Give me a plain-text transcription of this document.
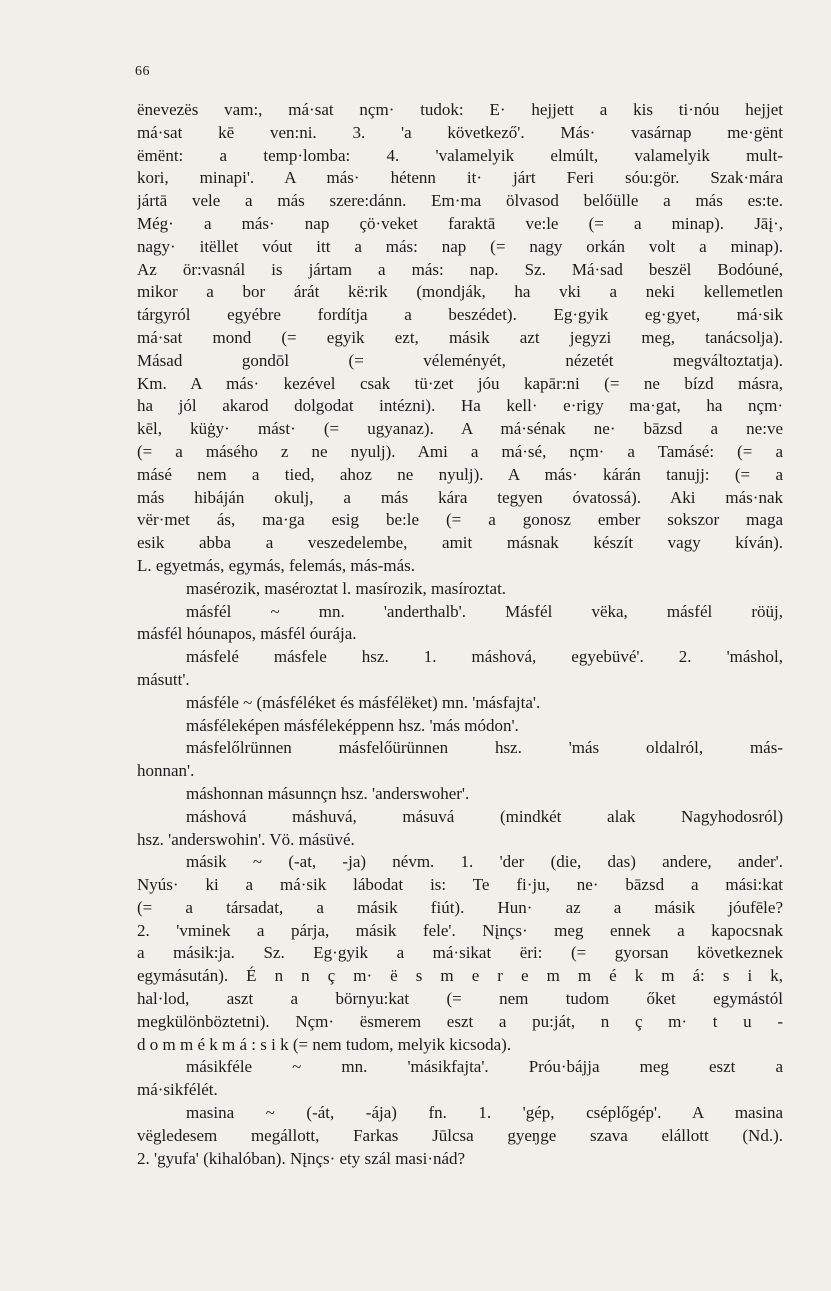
66
ënevezës vam:, má·sat nçm· tudok: E· hejjett a kis ti·nóu hejjet
má·sat kē ven:ni. 3. 'a következő'. Más· vasárnap me·gënt
ëmënt: a temp·lomba: 4. 'valamelyik elmúlt, valamelyik mult-
kori, minapi'. A más· hétenn it· járt Feri sóu:gör. Szak·mára
jártā vele a más szere:dánn. Em·ma ölvasod belőülle a más es:te.
Még· a más· nap çö·veket faraktā ve:le (= a minap). Jāį·,
nagy· itëllet vóut itt a más: nap (= nagy orkán volt a minap).
Az ör:vasnál is jártam a más: nap. Sz. Má·sad beszël Bodóuné,
mikor a bor árát kë:rik (mondják, ha vki a neki kellemetlen
tárgyról egyébre fordítja a beszédet). Eg·gyik eg·gyet, má·sik
má·sat mond (= egyik ezt, másik azt jegyzi meg, tanácsolja).
Másad gondōl (= véleményét, nézetét megváltoztatja).
Km. A más· kezével csak tü·zet jóu kapār:ni (= ne bízd másra,
ha jól akarod dolgodat intézni). Ha kell· e·rigy ma·gat, ha nçm·
kēl, küġy· mást· (= ugyanaz). A má·sénak ne· bāzsd a ne:ve
(= a másého z ne nyulj). Ami a má·sé, nçm· a Tamásé: (= a
másé nem a tied, ahoz ne nyulj). A más· kárán tanujj: (= a
más hibáján okulj, a más kára tegyen óvatossá). Aki más·nak
vër·met ás, ma·ga esig be:le (= a gonosz ember sokszor maga
esik abba a veszedelembe, amit másnak készít vagy kíván).
L. egyetmás, egymás, felemás, más-más.
masérozik, maséroztat l. masírozik, masíroztat.
másfél ~ mn. 'anderthalb'. Másfél vëka, másfél röüj,
másfél hóunapos, másfél óurája.
másfelé másfele hsz. 1. máshová, egyebüvé'. 2. 'máshol,
másutt'.
másféle ~ (másféléket és másfélëket) mn. 'másfajta'.
másféleképen másféleképpenn hsz. 'más módon'.
másfelőlrünnen másfelőürünnen hsz. 'más oldalról, más-
honnan'.
máshonnan másunnçn hsz. 'anderswoher'.
máshová máshuvá, másuvá (mindkét alak Nagyhodosról)
hsz. 'anderswohin'. Vö. másüvé.
másik ~ (-at, -ja) névm. 1. 'der (die, das) andere, ander'.
Nyús· ki a má·sik lábodat is: Te fi·ju, ne· bāzsd a mási:kat
(= a társadat, a másik fiút). Hun· az a másik jóufēle?
2. 'vminek a párja, másik fele'. Nįnçs· meg ennek a kapocsnak
a másik:ja. Sz. Eg·gyik a má·sikat ëri: (= gyorsan következnek
egymásután). É n n ç m· ë s m e r e m m é k m á: s i k,
hal·lod, aszt a börnyu:kat (= nem tudom őket egymástól
megkülönböztetni). Nçm· ësmerem eszt a pu:ját, n ç m· t u -
d o m m é k m á : s i k (= nem tudom, melyik kicsoda).
másikféle ~ mn. 'másikfajta'. Próu·bájja meg eszt a
má·sikfélét.
masina ~ (-át, -ája) fn. 1. 'gép, cséplőgép'. A masina
vëgledesem megállott, Farkas Jūlcsa gyeŋge szava elállott (Nd.).
2. 'gyufa' (kihalóban). Nįnçs· ety szál masi·nád?
